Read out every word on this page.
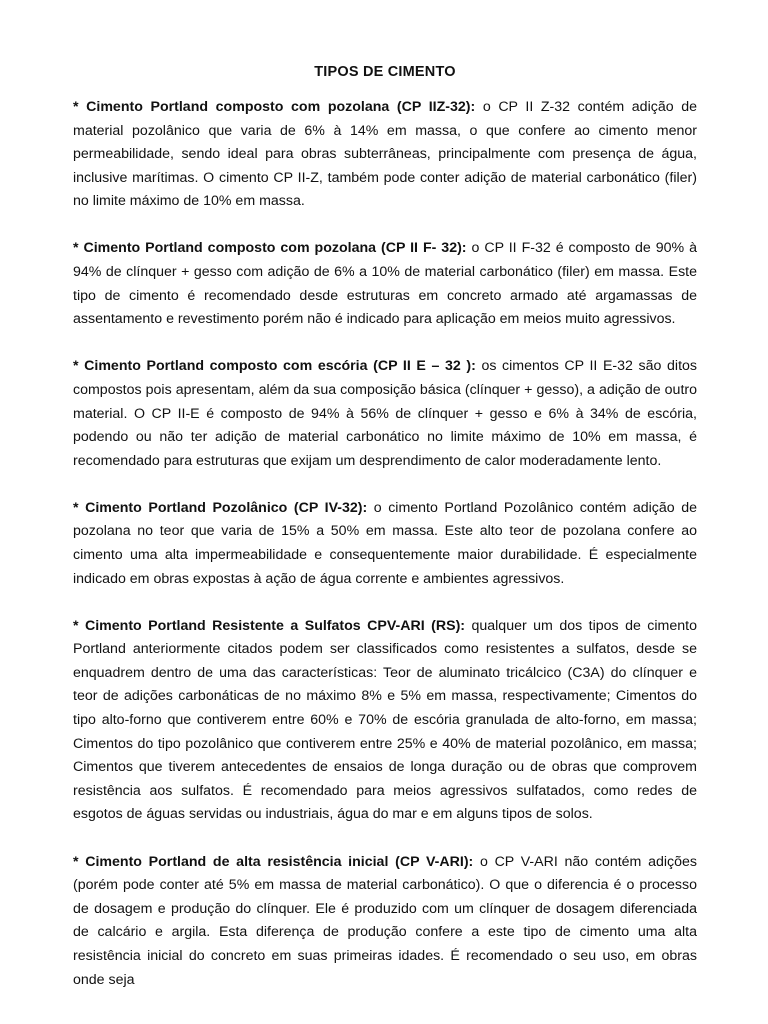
TIPOS DE CIMENTO

* Cimento Portland composto com pozolana (CP IIZ-32): o CP II Z-32 contém adição de material pozolânico que varia de 6% à 14% em massa, o que confere ao cimento menor permeabilidade, sendo ideal para obras subterrâneas, principalmente com presença de água, inclusive marítimas. O cimento CP II-Z, também pode conter adição de material carbonático (filer) no limite máximo de 10% em massa.

* Cimento Portland composto com pozolana (CP II F- 32): o CP II F-32 é composto de 90% à 94% de clínquer + gesso com adição de 6% a 10% de material carbonático (filer) em massa. Este tipo de cimento é recomendado desde estruturas em concreto armado até argamassas de assentamento e revestimento porém não é indicado para aplicação em meios muito agressivos.

* Cimento Portland composto com escória (CP II E – 32 ): os cimentos CP II E-32 são ditos compostos pois apresentam, além da sua composição básica (clínquer + gesso), a adição de outro material. O CP II-E é composto de 94% à 56% de clínquer + gesso e 6% à 34% de escória, podendo ou não ter adição de material carbonático no limite máximo de 10% em massa, é recomendado para estruturas que exijam um desprendimento de calor moderadamente lento.

* Cimento Portland Pozolânico (CP IV-32): o cimento Portland Pozolânico contém adição de pozolana no teor que varia de 15% a 50% em massa. Este alto teor de pozolana confere ao cimento uma alta impermeabilidade e consequentemente maior durabilidade. É especialmente indicado em obras expostas à ação de água corrente e ambientes agressivos.

* Cimento Portland Resistente a Sulfatos CPV-ARI (RS): qualquer um dos tipos de cimento Portland anteriormente citados podem ser classificados como resistentes a sulfatos, desde se enquadrem dentro de uma das características: Teor de aluminato tricálcico (C3A) do clínquer e teor de adições carbonáticas de no máximo 8% e 5% em massa, respectivamente; Cimentos do tipo alto-forno que contiverem entre 60% e 70% de escória granulada de alto-forno, em massa; Cimentos do tipo pozolânico que contiverem entre 25% e 40% de material pozolânico, em massa; Cimentos que tiverem antecedentes de ensaios de longa duração ou de obras que comprovem resistência aos sulfatos. É recomendado para meios agressivos sulfatados, como redes de esgotos de águas servidas ou industriais, água do mar e em alguns tipos de solos.

* Cimento Portland de alta resistência inicial (CP V-ARI): o CP V-ARI não contém adições (porém pode conter até 5% em massa de material carbonático). O que o diferencia é o processo de dosagem e produção do clínquer. Ele é produzido com um clínquer de dosagem diferenciada de calcário e argila. Esta diferença de produção confere a este tipo de cimento uma alta resistência inicial do concreto em suas primeiras idades. É recomendado o seu uso, em obras onde seja
